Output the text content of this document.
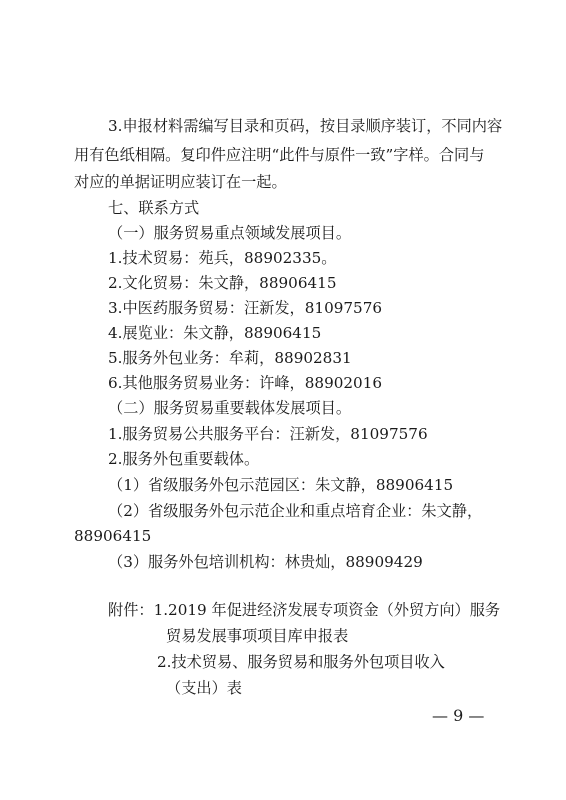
3.申报材料需编写目录和页码，按目录顺序装订，不同内容
用有色纸相隔。复印件应注明“此件与原件一致”字样。合同与
对应的单据证明应装订在一起。
七、联系方式
（一）服务贸易重点领域发展项目。
1.技术贸易：苑兵，88902335。
2.文化贸易：朱文静，88906415
3.中医药服务贸易：汪新发，81097576
4.展览业：朱文静，88906415
5.服务外包业务：牟莉，88902831
6.其他服务贸易业务：许峰，88902016
（二）服务贸易重要载体发展项目。
1.服务贸易公共服务平台：汪新发，81097576
2.服务外包重要载体。
（1）省级服务外包示范园区：朱文静，88906415
（2）省级服务外包示范企业和重点培育企业：朱文静，
88906415
（3）服务外包培训机构：林贵灿，88909429
附件：1.2019 年促进经济发展专项资金（外贸方向）服务
贸易发展事项项目库申报表
2.技术贸易、服务贸易和服务外包项目收入
（支出）表
— 9 —
